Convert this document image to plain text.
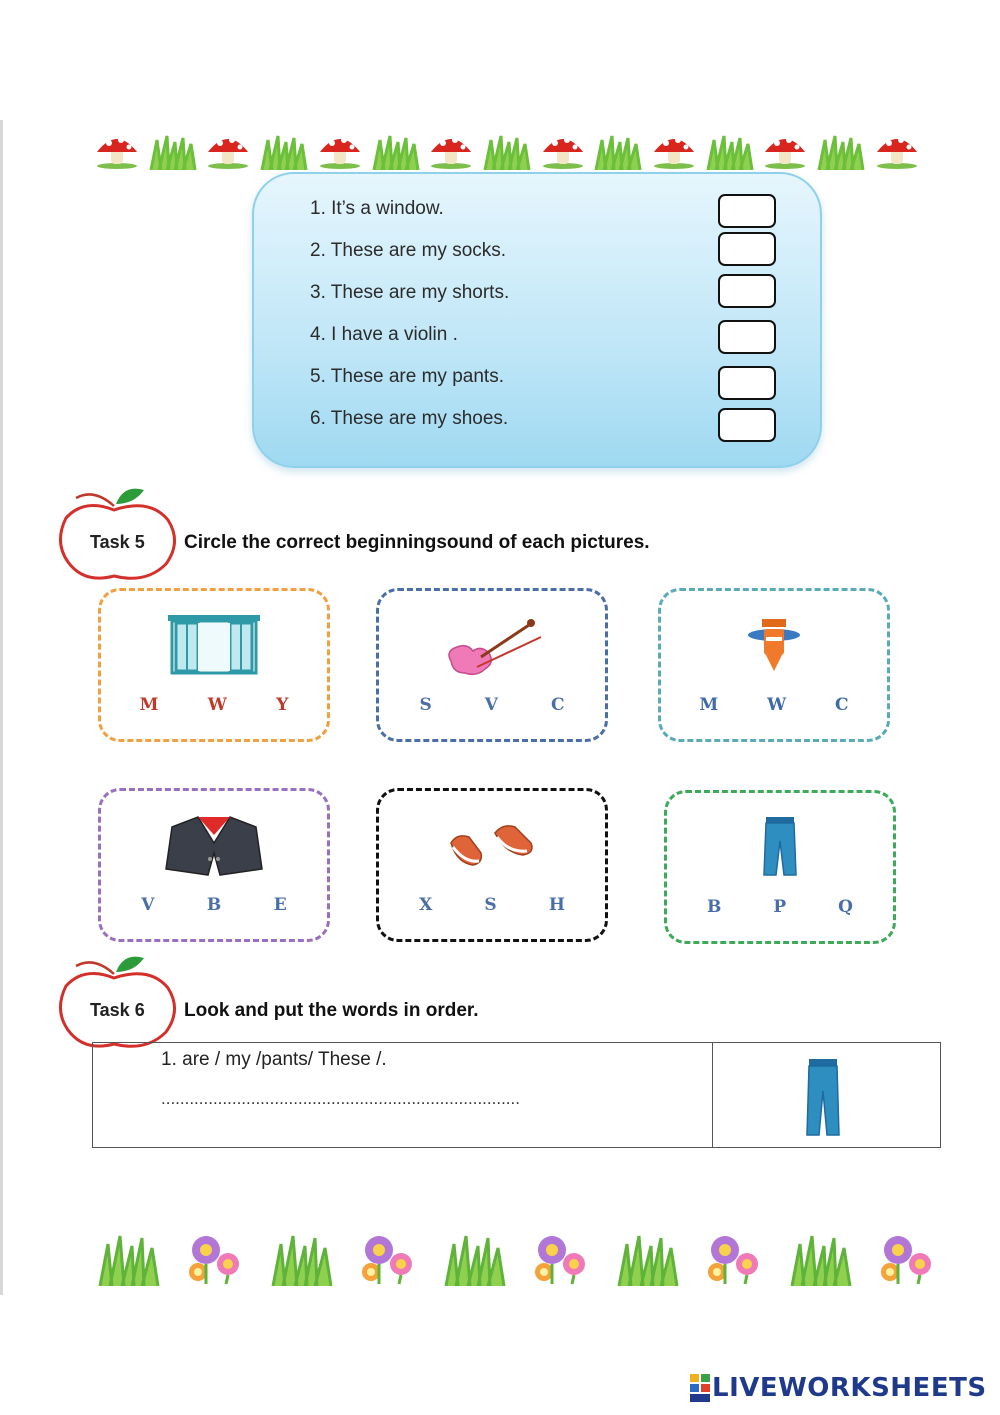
1. It’s a window.
2. These are my socks.
3. These are my shorts.
4. I have a violin .
5. These are my pants.
6. These are my shoes.
Task 5 Circle the correct beginningsound of each pictures.
M	W	Y	S	V	C	M	W	C
V	B	E	X	S	H	B	P	Q
Task 6 Look and put the words in order.
1. are / my /pants/ These /.
............................................................................
LIVEWORKSHEETS
